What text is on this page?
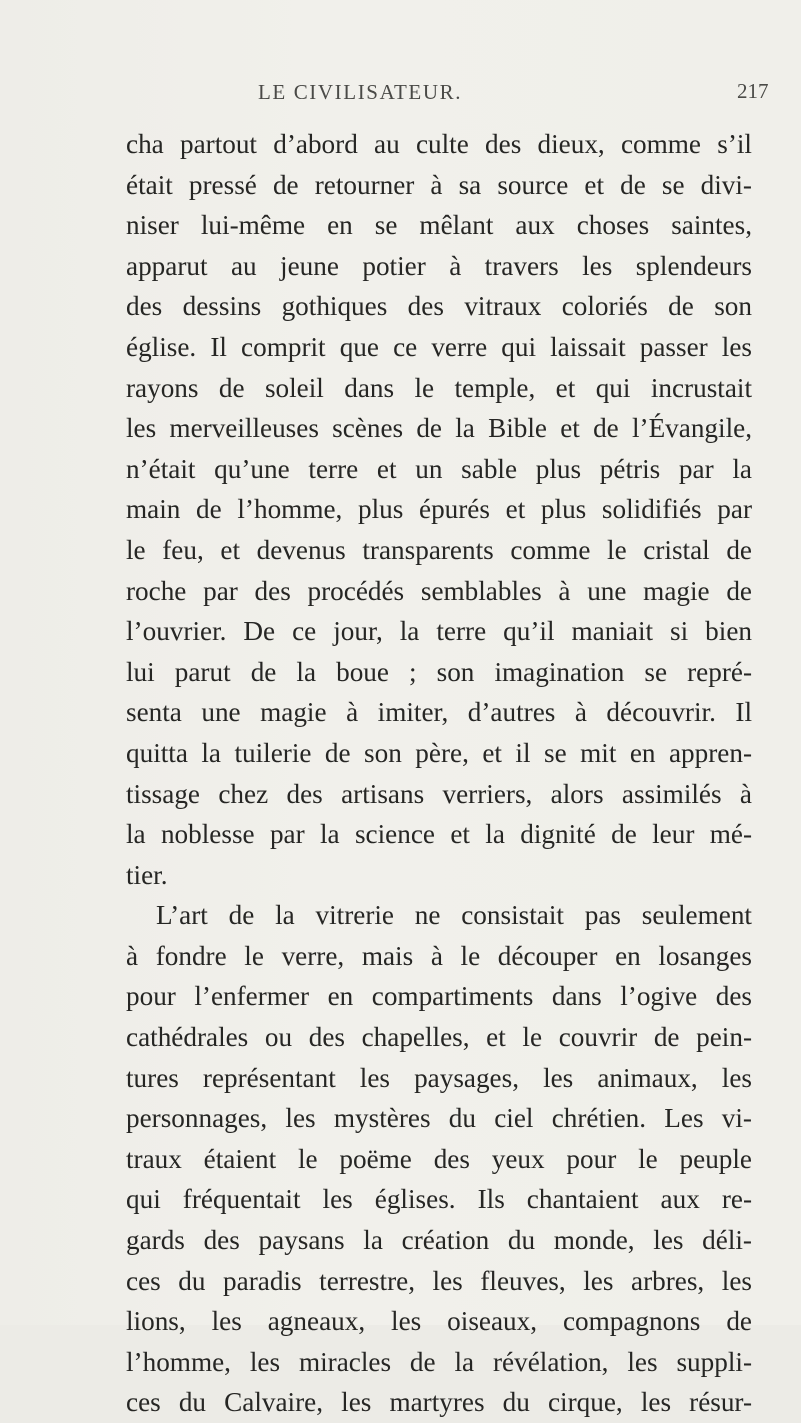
LE CIVILISATEUR.	217
cha partout d’abord au culte des dieux, comme s’il
était pressé de retourner à sa source et de se divi-
niser lui-même en se mêlant aux choses saintes,
apparut au jeune potier à travers les splendeurs
des dessins gothiques des vitraux coloriés de son
église. Il comprit que ce verre qui laissait passer les
rayons de soleil dans le temple, et qui incrustait
les merveilleuses scènes de la Bible et de l’Évangile,
n’était qu’une terre et un sable plus pétris par la
main de l’homme, plus épurés et plus solidifiés par
le feu, et devenus transparents comme le cristal de
roche par des procédés semblables à une magie de
l’ouvrier. De ce jour, la terre qu’il maniait si bien
lui parut de la boue ; son imagination se repré-
senta une magie à imiter, d’autres à découvrir. Il
quitta la tuilerie de son père, et il se mit en appren-
tissage chez des artisans verriers, alors assimilés à
la noblesse par la science et la dignité de leur mé-
tier.
L’art de la vitrerie ne consistait pas seulement
à fondre le verre, mais à le découper en losanges
pour l’enfermer en compartiments dans l’ogive des
cathédrales ou des chapelles, et le couvrir de pein-
tures représentant les paysages, les animaux, les
personnages, les mystères du ciel chrétien. Les vi-
traux étaient le poëme des yeux pour le peuple
qui fréquentait les églises. Ils chantaient aux re-
gards des paysans la création du monde, les déli-
ces du paradis terrestre, les fleuves, les arbres, les
lions, les agneaux, les oiseaux, compagnons de
l’homme, les miracles de la révélation, les suppli-
ces du Calvaire, les martyres du cirque, les résur-
